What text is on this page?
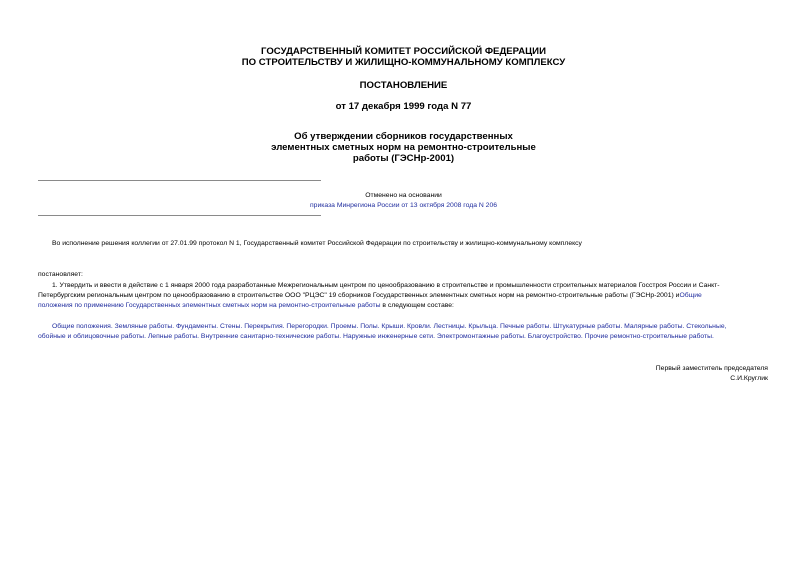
ГОСУДАРСТВЕННЫЙ КОМИТЕТ РОССИЙСКОЙ ФЕДЕРАЦИИ
ПО СТРОИТЕЛЬСТВУ И ЖИЛИЩНО-КОММУНАЛЬНОМУ КОМПЛЕКСУ
ПОСТАНОВЛЕНИЕ
от 17 декабря 1999 года N 77
Об утверждении сборников государственных
элементных сметных норм на ремонтно-строительные
работы (ГЭСНр-2001)
Отменено на основании
приказа Минрегиона России от 13 октября 2008 года N 206
Во исполнение решения коллегии от 27.01.99 протокол N 1, Государственный комитет Российской Федерации по строительству и жилищно-коммунальному комплексу
постановляет:
1. Утвердить и ввести в действие с 1 января 2000 года разработанные Межрегиональным центром по ценообразованию в строительстве и промышленности строительных материалов Госстроя России и Санкт-
Петербургским региональным центром по ценообразованию в строительстве ООО "РЦЭС" 19 сборников Государственных элементных сметных норм на ремонтно-строительные работы (ГЭСНр-2001) иОбщие
положения по применению Государственных элементных сметных норм на ремонтно-строительные работы в следующем составе:
Общие положения. Земляные работы. Фундаменты. Стены. Перекрытия. Перегородки. Проемы. Полы. Крыши. Кровли. Лестницы. Крыльца. Печные работы. Штукатурные работы. Малярные работы. Стекольные,
обойные и облицовочные работы. Лепные работы. Внутренние санитарно-технические работы. Наружные инженерные сети. Электромонтажные работы. Благоустройство. Прочие ремонтно-строительные работы.
Первый заместитель председателя
С.И.Круглик
